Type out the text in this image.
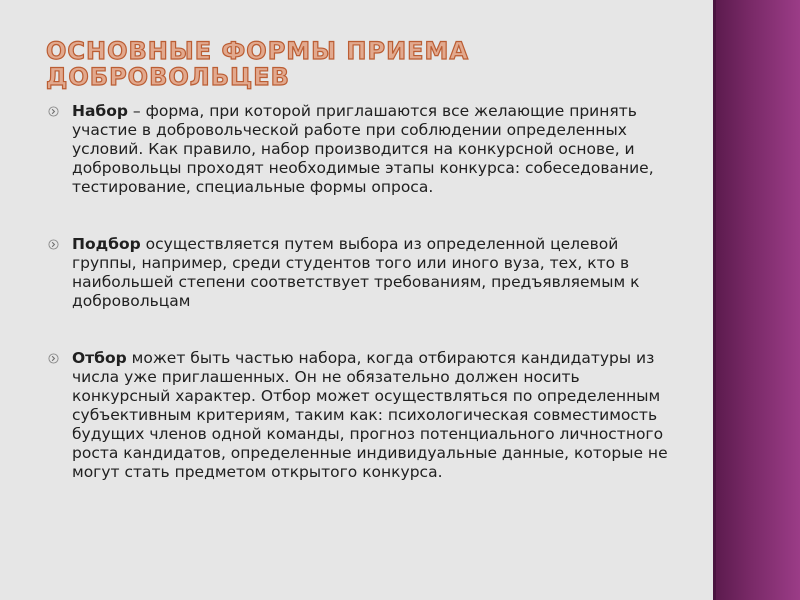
ОСНОВНЫЕ ФОРМЫ ПРИЕМА ДОБРОВОЛЬЦЕВ
Набор – форма, при которой приглашаются все желающие принять участие в добровольческой работе при соблюдении определенных условий. Как правило, набор производится на конкурсной основе, и добровольцы проходят необходимые этапы конкурса: собеседование, тестирование, специальные формы опроса.
Подбор осуществляется путем выбора из определенной целевой группы, например, среди студентов того или иного вуза, тех, кто в наибольшей степени соответствует требованиям, предъявляемым к добровольцам
Отбор может быть частью набора, когда отбираются кандидатуры из числа уже приглашенных. Он не обязательно должен носить конкурсный характер. Отбор может осуществляться по определенным субъективным критериям, таким как: психологическая совместимость будущих членов одной команды, прогноз потенциального личностного роста кандидатов, определенные индивидуальные данные, которые не могут стать предметом открытого конкурса.
